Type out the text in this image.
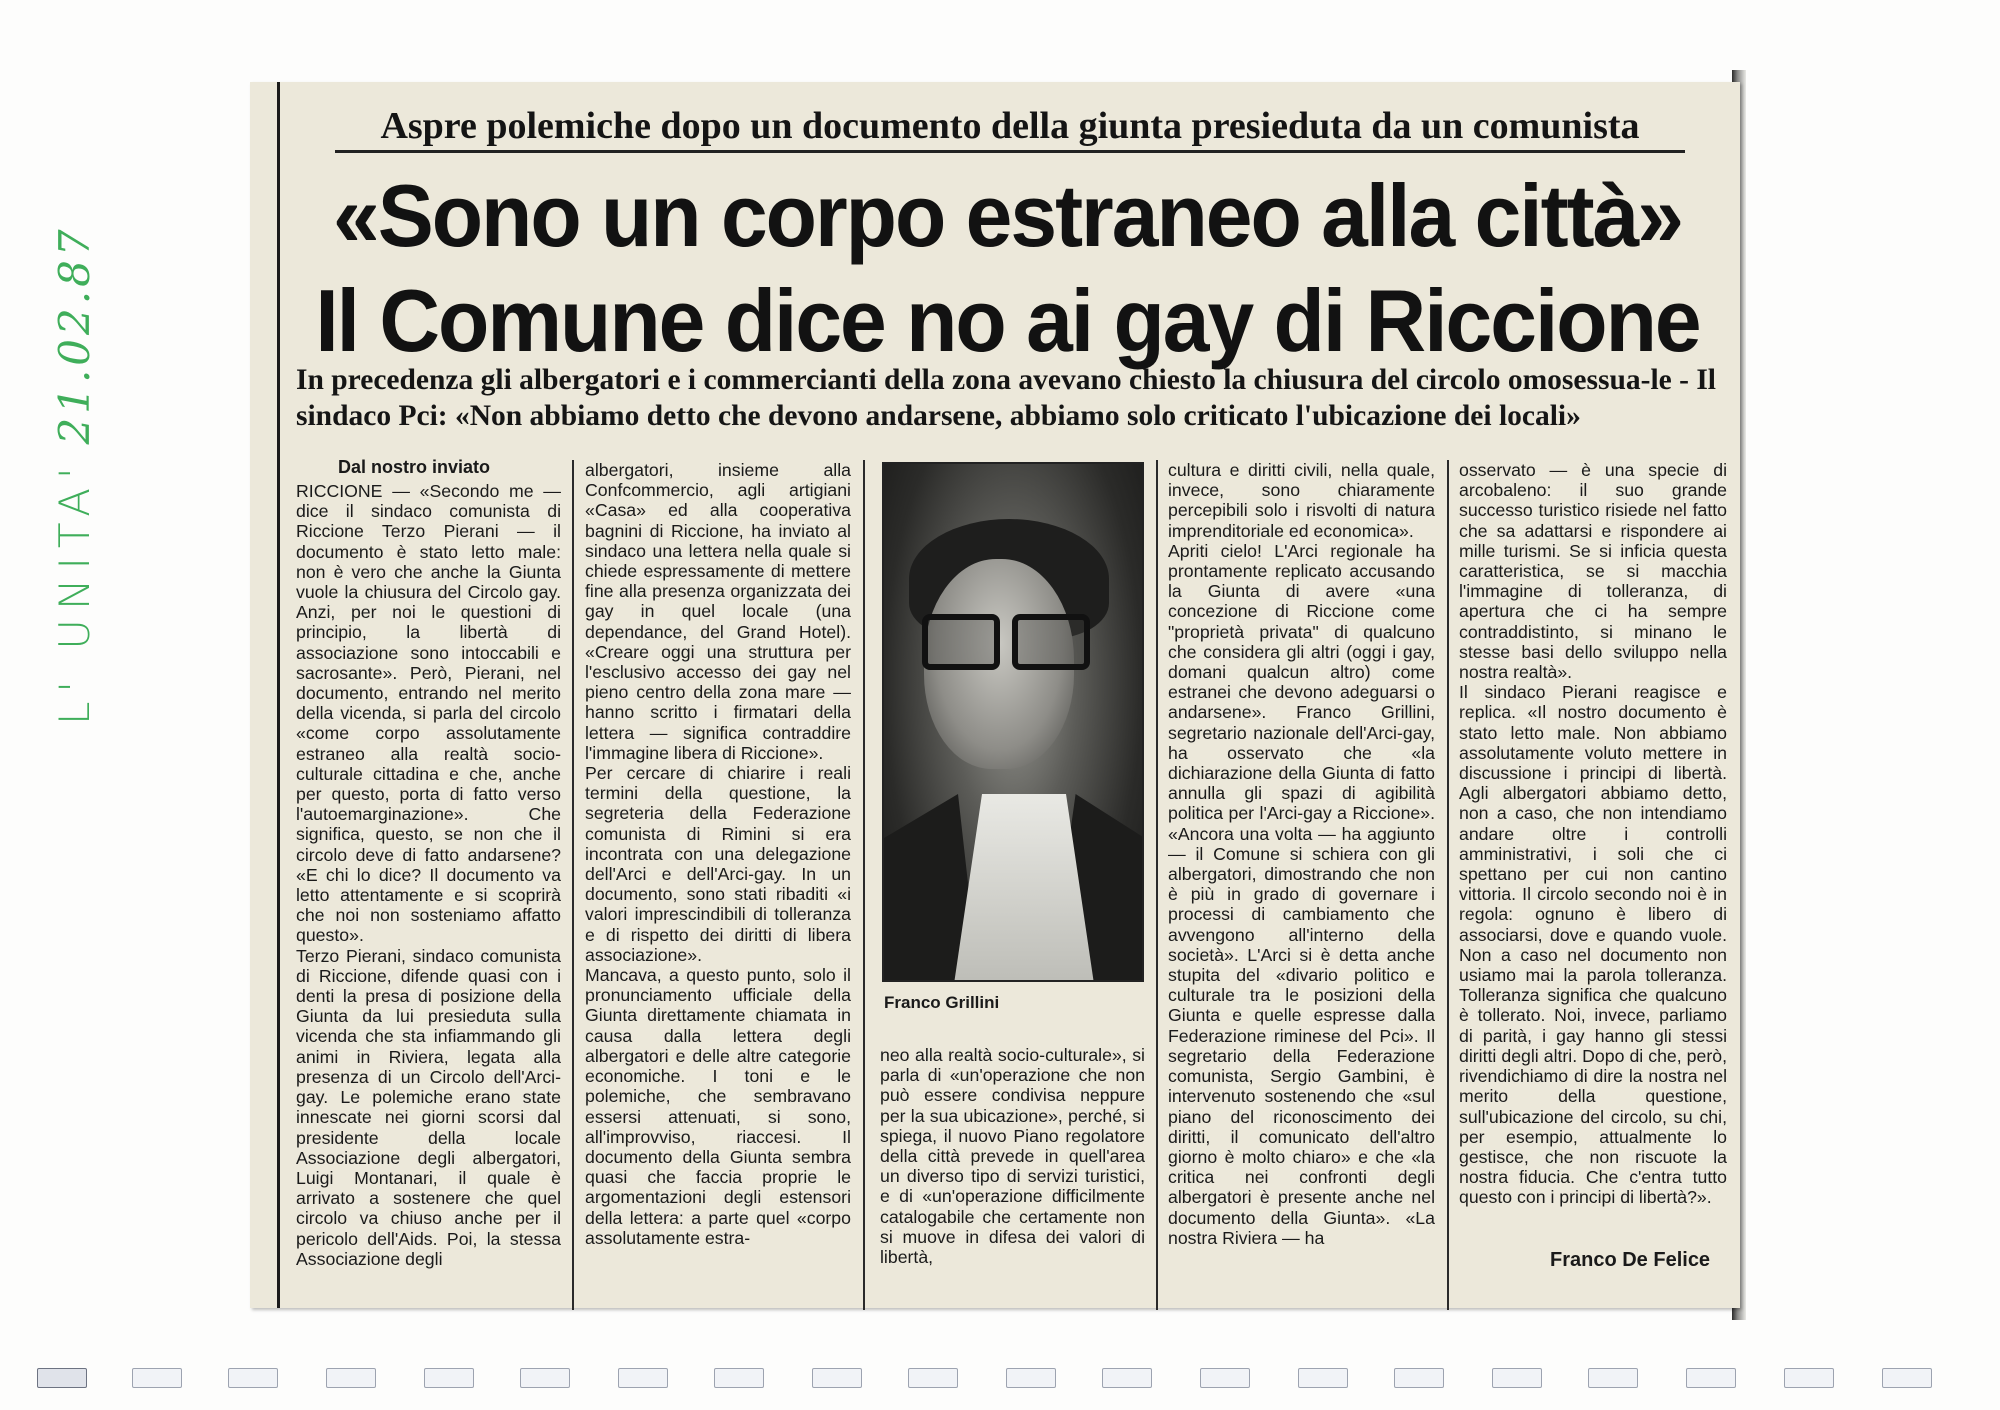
L' UNITA'21.02.87
Aspre polemiche dopo un documento della giunta presieduta da un comunista
«Sono un corpo estraneo alla città»
Il Comune dice no ai gay di Riccione
In precedenza gli albergatori e i commercianti della zona avevano chiesto la chiusura del circolo omosessua-le - Il sindaco Pci: «Non abbiamo detto che devono andarsene, abbiamo solo criticato l'ubicazione dei locali»
Dal nostro inviato
RICCIONE — «Secondo me — dice il sindaco comunista di Riccione Terzo Pierani — il documento è stato letto male: non è vero che anche la Giunta vuole la chiusura del Circolo gay. Anzi, per noi le questioni di principio, la libertà di associazione sono intoccabili e sacrosante». Però, Pierani, nel documento, entrando nel merito della vicenda, si parla del circolo «come corpo assolutamente estraneo alla realtà socio-culturale cittadina e che, anche per questo, porta di fatto verso l'autoemarginazione». Che significa, questo, se non che il circolo deve di fatto andarsene? «E chi lo dice? Il documento va letto attentamente e si scoprirà che noi non sosteniamo affatto questo».
Terzo Pierani, sindaco comunista di Riccione, difende quasi con i denti la presa di posizione della Giunta da lui presieduta sulla vicenda che sta infiammando gli animi in Riviera, legata alla presenza di un Circolo dell'Arci-gay. Le polemiche erano state innescate nei giorni scorsi dal presidente della locale Associazione degli albergatori, Luigi Montanari, il quale è arrivato a sostenere che quel circolo va chiuso anche per il pericolo dell'Aids. Poi, la stessa Associazione degli
albergatori, insieme alla Confcommercio, agli artigiani «Casa» ed alla cooperativa bagnini di Riccione, ha inviato al sindaco una lettera nella quale si chiede espressamente di mettere fine alla presenza organizzata dei gay in quel locale (una dependance, del Grand Hotel). «Creare oggi una struttura per l'esclusivo accesso dei gay nel pieno centro della zona mare — hanno scritto i firmatari della lettera — significa contraddire l'immagine libera di Riccione».
Per cercare di chiarire i reali termini della questione, la segreteria della Federazione comunista di Rimini si era incontrata con una delegazione dell'Arci e dell'Arci-gay. In un documento, sono stati ribaditi «i valori imprescindibili di tolleranza e di rispetto dei diritti di libera associazione».
Mancava, a questo punto, solo il pronunciamento ufficiale della Giunta direttamente chiamata in causa dalla lettera degli albergatori e delle altre categorie economiche. I toni e le polemiche, che sembravano essersi attenuati, si sono, all'improvviso, riaccesi. Il documento della Giunta sembra quasi che faccia proprie le argomentazioni degli estensori della lettera: a parte quel «corpo assolutamente estra-
Franco Grillini
neo alla realtà socio-culturale», si parla di «un'operazione che non può essere condivisa neppure per la sua ubicazione», perché, si spiega, il nuovo Piano regolatore della città prevede in quell'area un diverso tipo di servizi turistici, e di «un'operazione difficilmente catalogabile che certamente non si muove in difesa dei valori di libertà,
cultura e diritti civili, nella quale, invece, sono chiaramente percepibili solo i risvolti di natura imprenditoriale ed economica».
Apriti cielo! L'Arci regionale ha prontamente replicato accusando la Giunta di avere «una concezione di Riccione come "proprietà privata" di qualcuno che considera gli altri (oggi i gay, domani qualcun altro) come estranei che devono adeguarsi o andarsene». Franco Grillini, segretario nazionale dell'Arci-gay, ha osservato che «la dichiarazione della Giunta di fatto annulla gli spazi di agibilità politica per l'Arci-gay a Riccione». «Ancora una volta — ha aggiunto — il Comune si schiera con gli albergatori, dimostrando che non è più in grado di governare i processi di cambiamento che avvengono all'interno della società». L'Arci si è detta anche stupita del «divario politico e culturale tra le posizioni della Giunta e quelle espresse dalla Federazione riminese del Pci». Il segretario della Federazione comunista, Sergio Gambini, è intervenuto sostenendo che «sul piano del riconoscimento dei diritti, il comunicato dell'altro giorno è molto chiaro» e che «la critica nei confronti degli albergatori è presente anche nel documento della Giunta». «La nostra Riviera — ha
osservato — è una specie di arcobaleno: il suo grande successo turistico risiede nel fatto che sa adattarsi e rispondere ai mille turismi. Se si inficia questa caratteristica, se si macchia l'immagine di tolleranza, di apertura che ci ha sempre contraddistinto, si minano le stesse basi dello sviluppo nella nostra realtà».
Il sindaco Pierani reagisce e replica. «Il nostro documento è stato letto male. Non abbiamo assolutamente voluto mettere in discussione i principi di libertà. Agli albergatori abbiamo detto, non a caso, che non intendiamo andare oltre i controlli amministrativi, i soli che ci spettano per cui non cantino vittoria. Il circolo secondo noi è in regola: ognuno è libero di associarsi, dove e quando vuole. Non a caso nel documento non usiamo mai la parola tolleranza. Tolleranza significa che qualcuno è tollerato. Noi, invece, parliamo di parità, i gay hanno gli stessi diritti degli altri. Dopo di che, però, rivendichiamo di dire la nostra nel merito della questione, sull'ubicazione del circolo, su chi, per esempio, attualmente lo gestisce, che non riscuote la nostra fiducia. Che c'entra tutto questo con i principi di libertà?».
Franco De Felice
